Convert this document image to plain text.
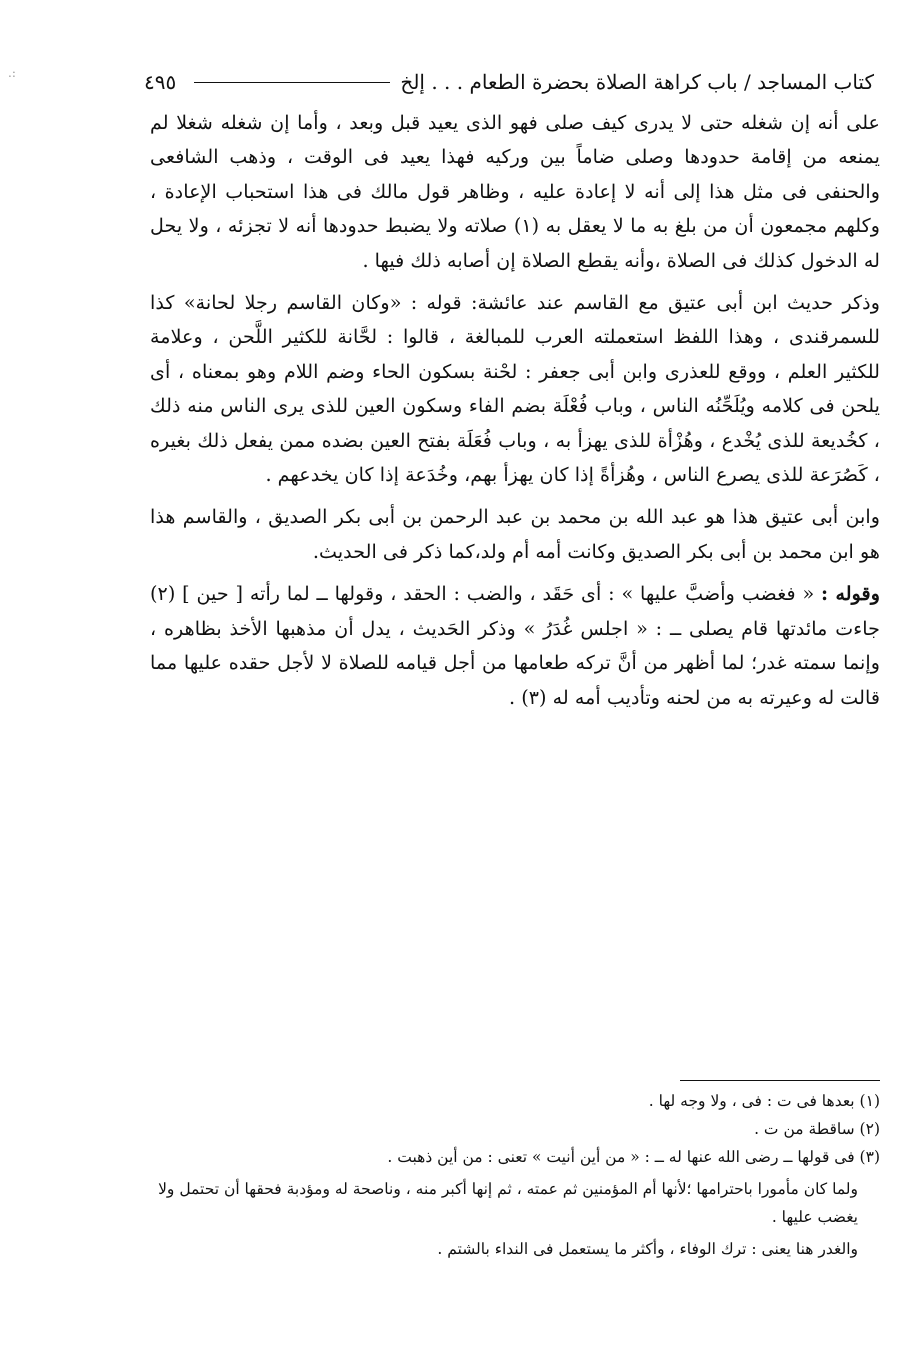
.:	كتاب المساجد / باب كراهة الصلاة بحضرة الطعام . . . إلخ
٤٩٥

على أنه إن شغله حتى لا يدرى كيف صلى فهو الذى يعيد قبل وبعد ، وأما إن شغله شغلا لم يمنعه من إقامة حدودها وصلى ضاماً بين وركيه فهذا يعيد فى الوقت ، وذهب الشافعى والحنفى فى مثل هذا إلى أنه لا إعادة عليه ، وظاهر قول مالك فى هذا استحباب الإعادة ، وكلهم مجمعون أن من بلغ به ما لا يعقل به (١) صلاته ولا يضبط حدودها أنه لا تجزئه ، ولا يحل له الدخول كذلك فى الصلاة ،وأنه يقطع الصلاة إن أصابه ذلك فيها .

وذكر حديث ابن أبى عتيق مع القاسم عند عائشة: قوله : «وكان القاسم رجلا لحانة» كذا للسمرقندى ، وهذا اللفظ استعملته العرب للمبالغة ، قالوا : لحَّانة للكثير اللَّحن ، وعلامة للكثير العلم ، ووقع للعذرى وابن أبى جعفر : لحْنة بسكون الحاء وضم اللام وهو بمعناه ، أى يلحن فى كلامه ويُلَحِّنُه الناس ، وباب فُعْلَة بضم الفاء وسكون العين للذى يرى الناس منه ذلك ، كخُديعة للذى يُخْدع ، وهُزْأة للذى يهزأ به ، وباب فُعَلَة بفتح العين بضده ممن يفعل ذلك بغيره ، كَصُرَعة للذى يصرع الناس ، وهُزأةً إذا كان يهزأ بهم، وخُدَعة إذا كان يخدعهم .

وابن أبى عتيق هذا هو عبد الله بن محمد بن عبد الرحمن بن أبى بكر الصديق ، والقاسم هذا هو ابن محمد بن أبى بكر الصديق وكانت أمه أم ولد،كما ذكر فى الحديث.

وقوله : « فغضب وأضبَّ عليها » : أى حَقَد ، والضب : الحقد ، وقولها ــ لما رأته [ حين ] (٢) جاءت مائدتها قام يصلى ــ : « اجلس غُدَرُ » وذكر الحَديث ، يدل أن مذهبها الأخذ بظاهره ، وإنما سمته غدر؛ لما أظهر من أنَّ تركه طعامها من أجل قيامه للصلاة لا لأجل حقده عليها مما قالت له وعيرته به من لحنه وتأديب أمه له (٣) .

(١) بعدها فى ت : فى ، ولا وجه لها .

(٢) ساقطة من ت .

(٣) فى قولها ــ رضى الله عنها له ــ : « من أين أنيت » تعنى : من أين ذهبت .

ولما كان مأمورا باحترامها ؛لأنها أم المؤمنين ثم عمته ، ثم إنها أكبر منه ، وناصحة له ومؤدبة فحقها أن تحتمل ولا يغضب عليها .

والغدر هنا يعنى : ترك الوفاء ، وأكثر ما يستعمل فى النداء بالشتم .
